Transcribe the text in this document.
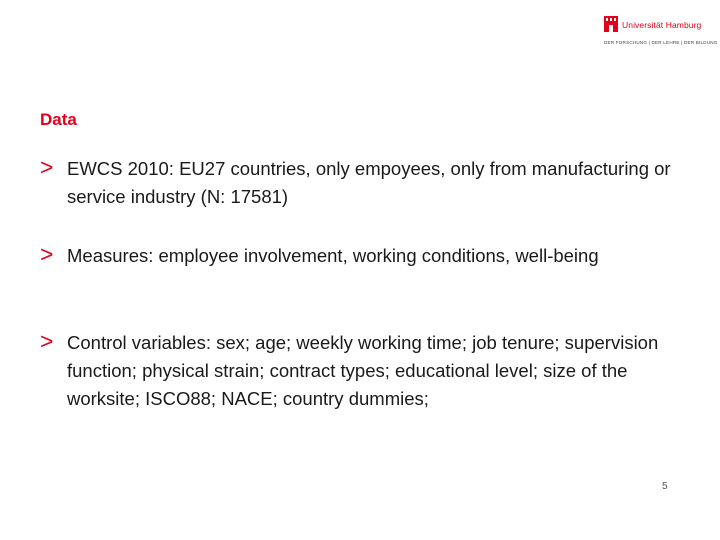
Universität Hamburg
DER FORSCHUNG | DER LEHRE | DER BILDUNG
Data
> EWCS 2010: EU27 countries, only empoyees, only from manufacturing or service industry (N: 17581)
> Measures: employee involvement, working conditions, well-being
> Control variables: sex; age; weekly working time; job tenure; supervision function; physical strain; contract types; educational level; size of the worksite; ISCO88; NACE; country dummies;
5
